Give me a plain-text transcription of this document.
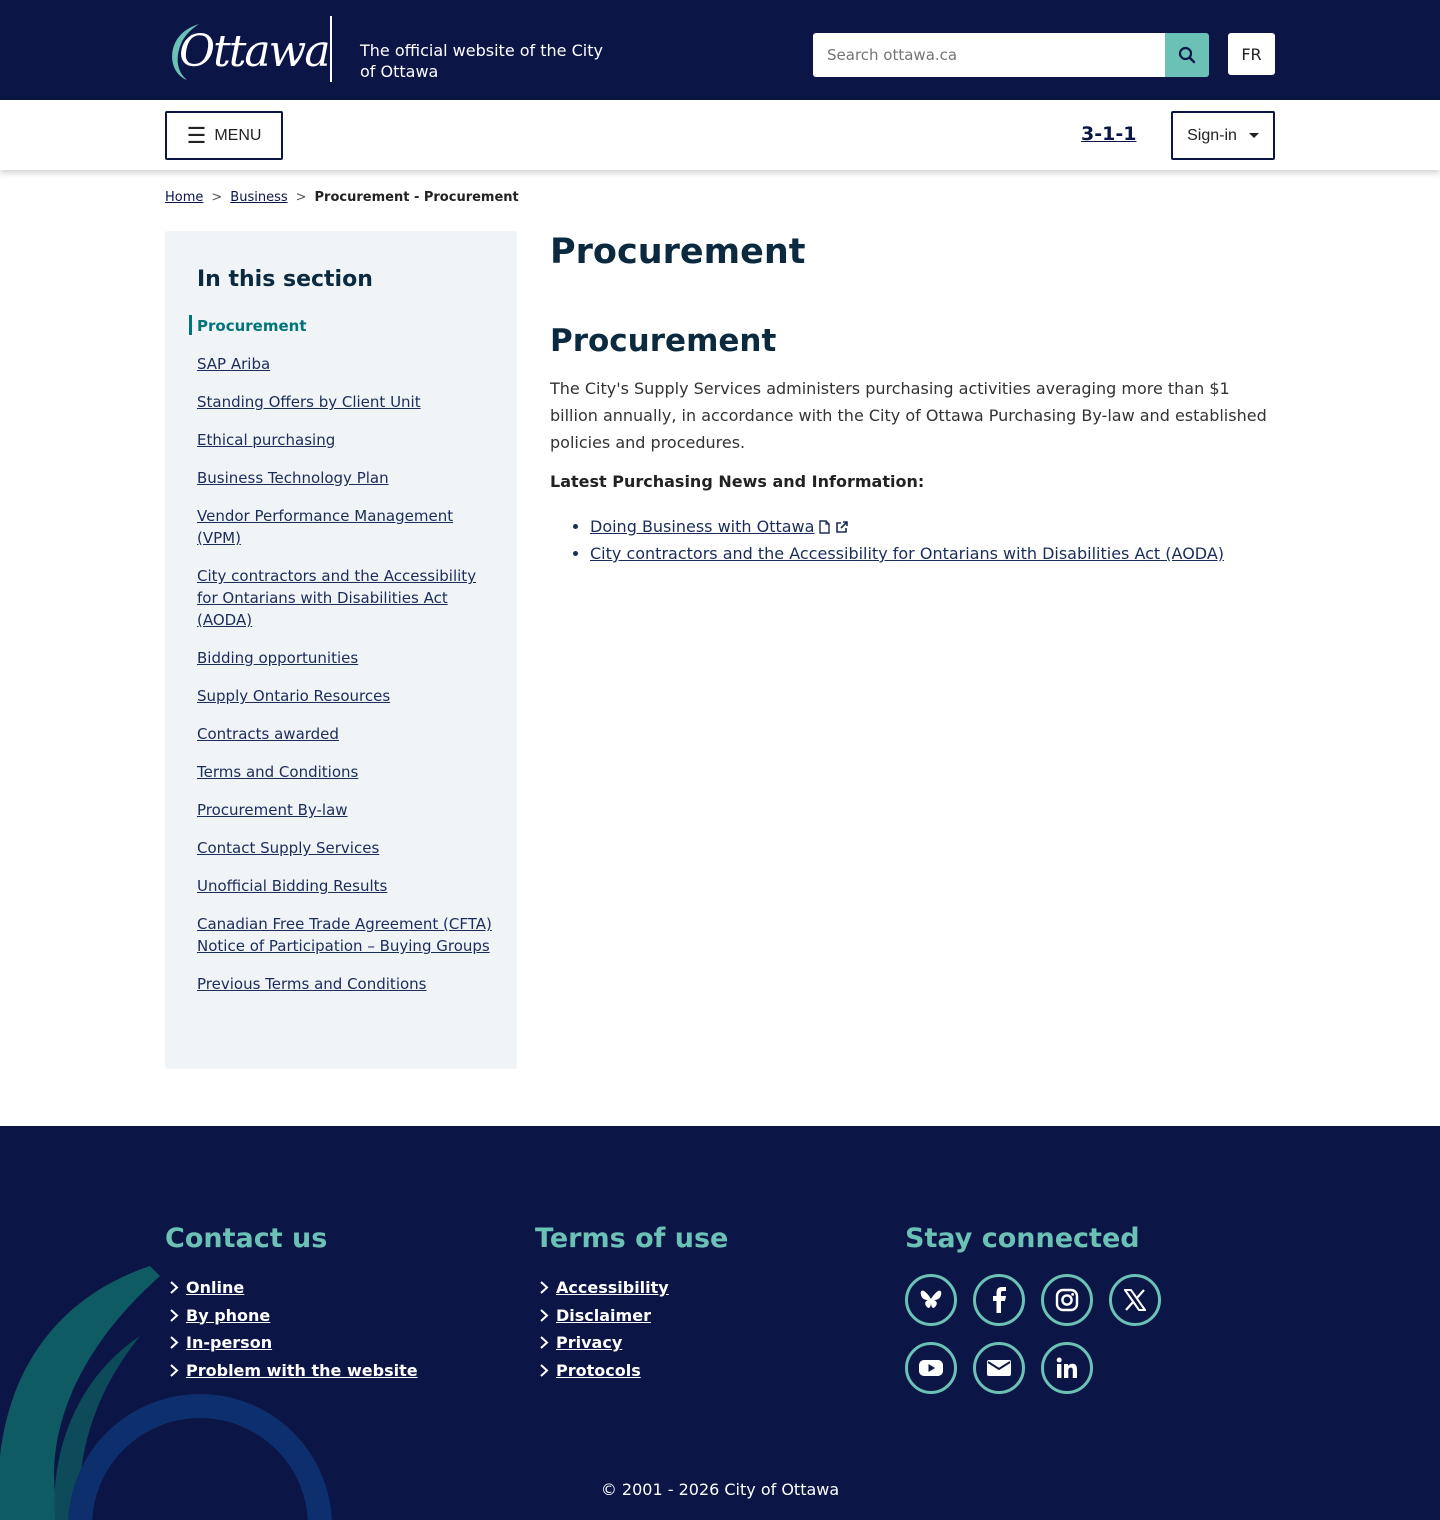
Ottawa The official website of the City of Ottawa
Search ottawa.ca
FR
☰ MENU	3-1-1	Sign-in
Home > Business > Procurement - Procurement
In this section
Procurement
SAP Ariba
Standing Offers by Client Unit
Ethical purchasing
Business Technology Plan
Vendor Performance Management (VPM)
City contractors and the Accessibility for Ontarians with Disabilities Act (AODA)
Bidding opportunities
Supply Ontario Resources
Contracts awarded
Terms and Conditions
Procurement By-law
Contact Supply Services
Unofficial Bidding Results
Canadian Free Trade Agreement (CFTA) Notice of Participation – Buying Groups
Previous Terms and Conditions
Procurement
Procurement

The City's Supply Services administers purchasing activities averaging more than $1 billion annually, in accordance with the City of Ottawa Purchasing By-law and established policies and procedures.

Latest Purchasing News and Information:

• Doing Business with Ottawa
• City contractors and the Accessibility for Ontarians with Disabilities Act (AODA)
Contact us
Online
By phone
In-person
Problem with the website
Terms of use
Accessibility
Disclaimer
Privacy
Protocols
Stay connected
© 2001 - 2026 City of Ottawa
